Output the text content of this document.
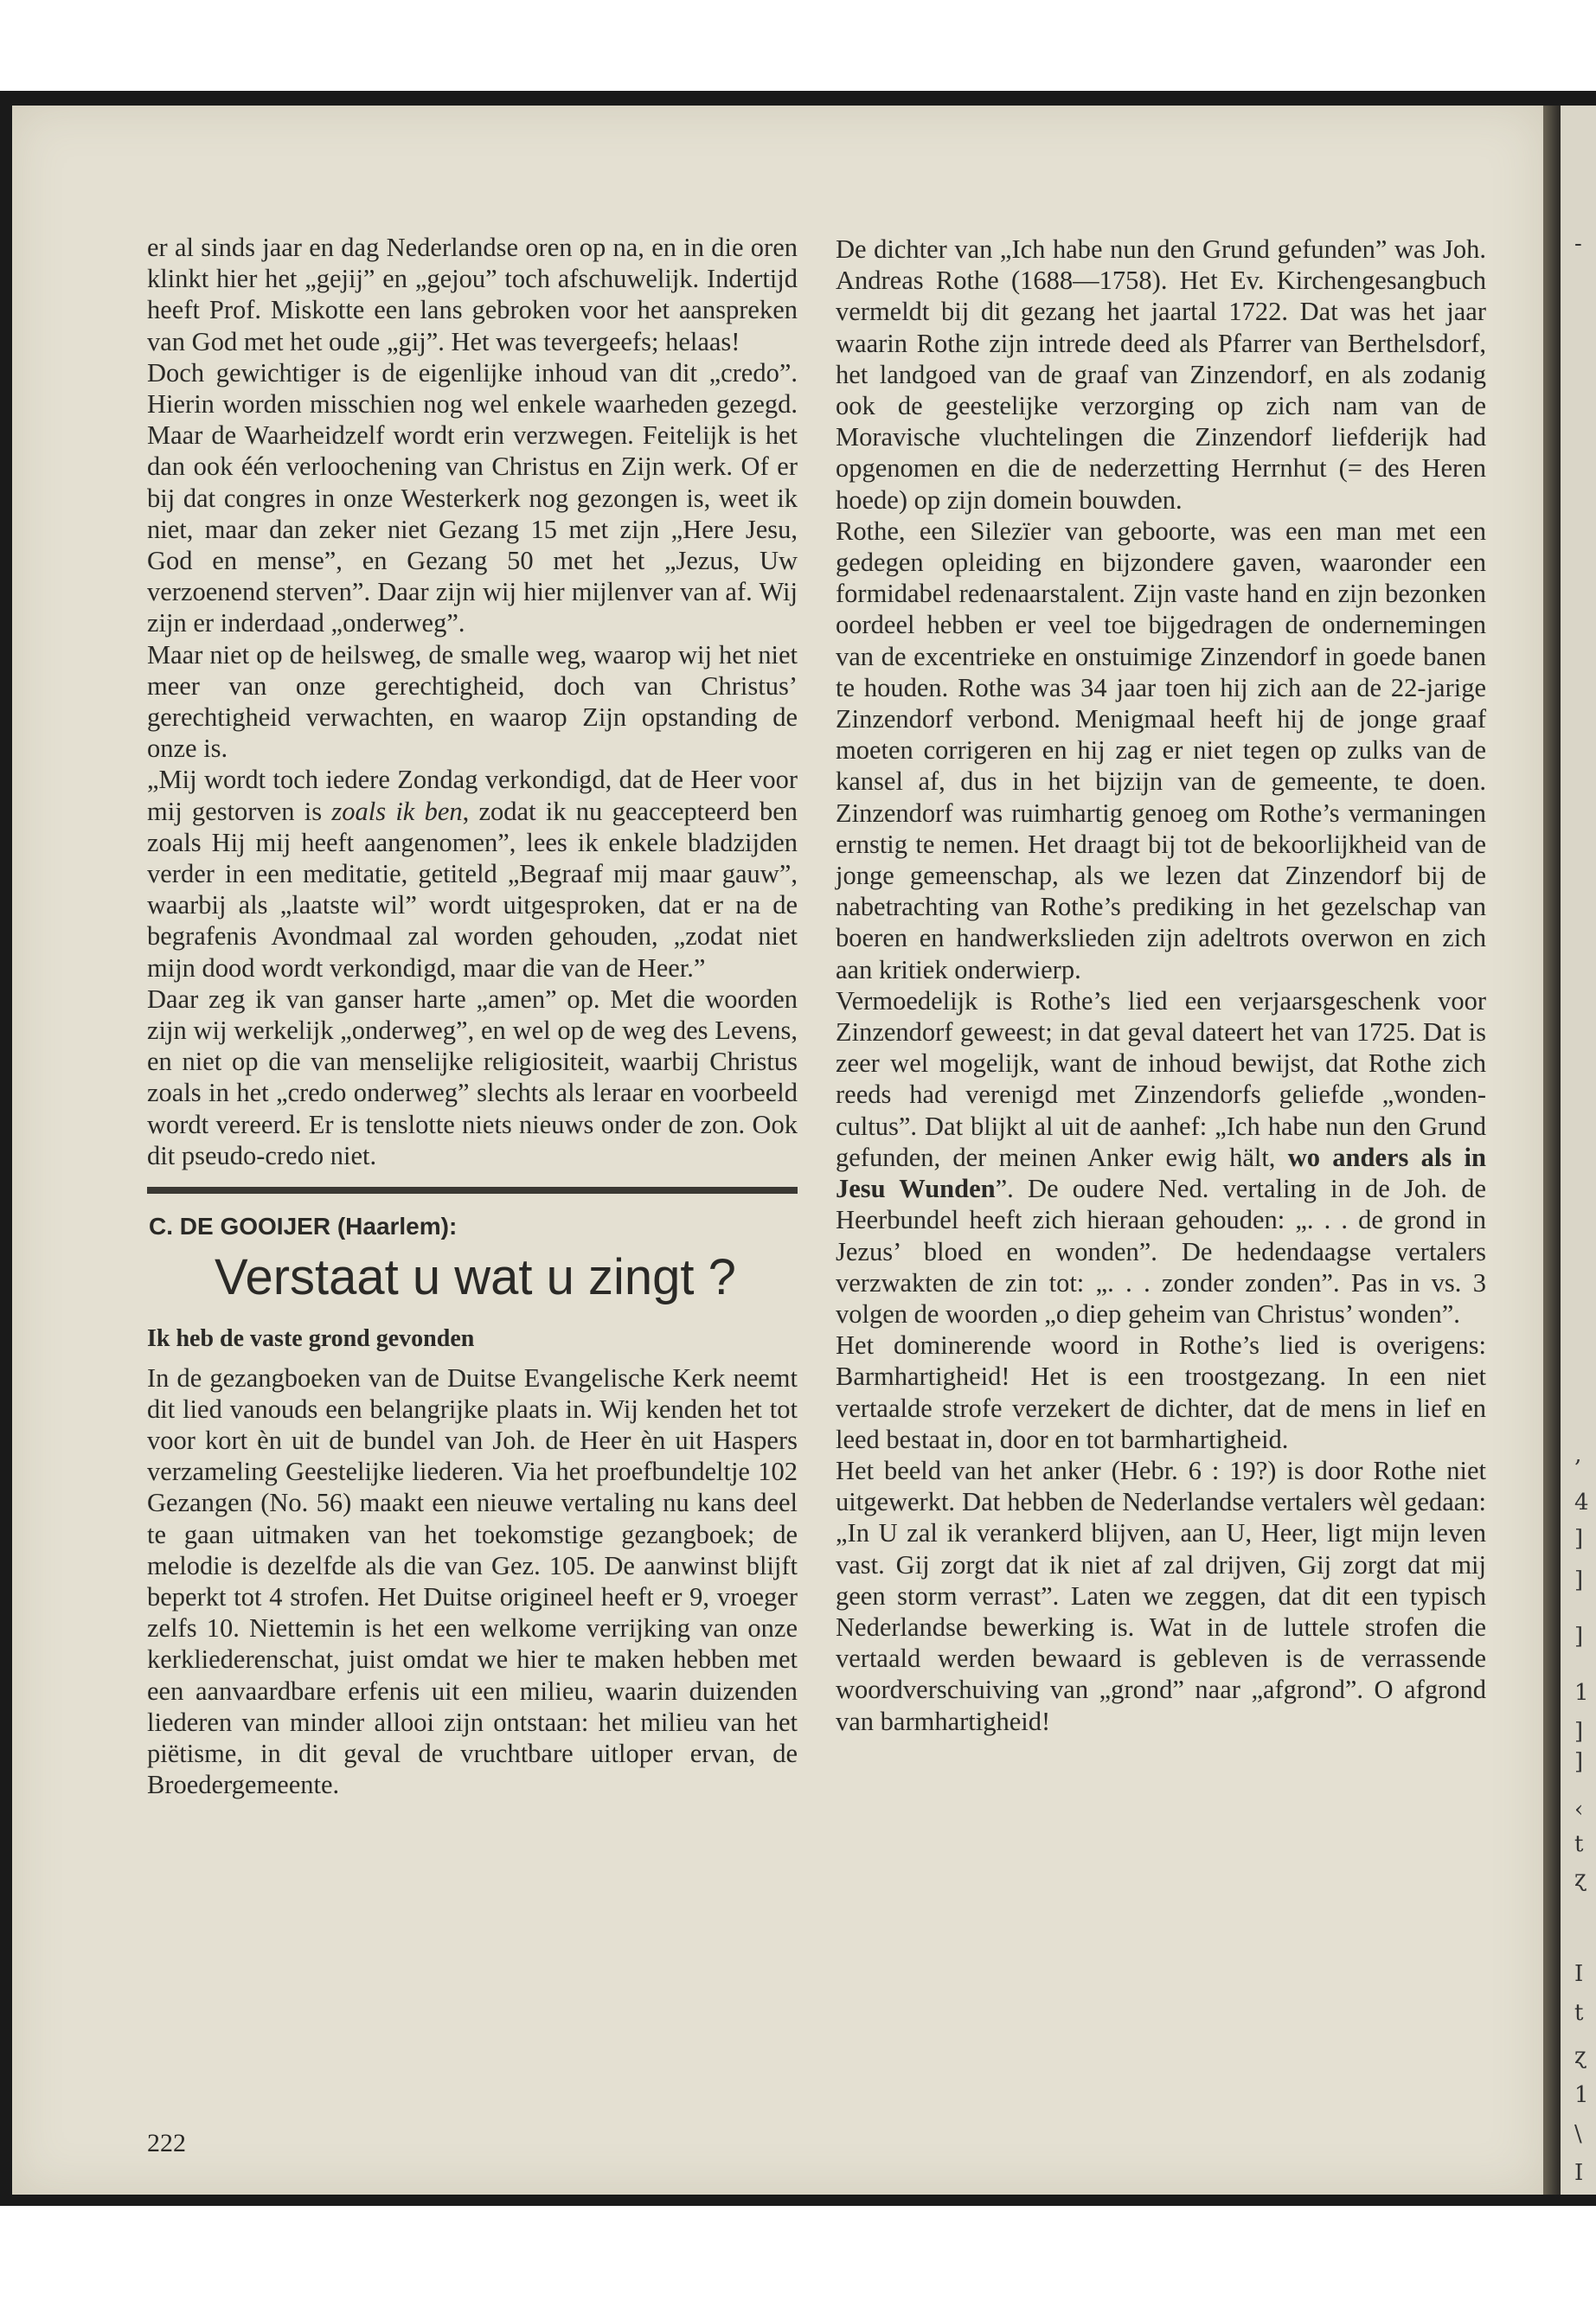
-
‚
4
]
]
]
1
]
]
‹
t
ɀ
I
t
ɀ
1
\
I

er al sinds jaar en dag Nederlandse oren op na, en in die oren klinkt hier het „gejij” en „gejou” toch afschuwelijk. Indertijd heeft Prof. Miskotte een lans gebroken voor het aanspreken van God met het oude „gij”. Het was tevergeefs; helaas!

Doch gewichtiger is de eigenlijke inhoud van dit „credo”. Hierin worden misschien nog wel enkele waarheden gezegd. Maar de Waarheidzelf wordt erin verzwegen. Feitelijk is het dan ook één verloochening van Christus en Zijn werk. Of er bij dat congres in onze Westerkerk nog gezongen is, weet ik niet, maar dan zeker niet Gezang 15 met zijn „Here Jesu, God en mense”, en Gezang 50 met het „Jezus, Uw verzoenend sterven”. Daar zijn wij hier mijlenver van af. Wij zijn er inderdaad „onderweg”.

Maar niet op de heilsweg, de smalle weg, waarop wij het niet meer van onze gerechtigheid, doch van Christus’ gerechtigheid verwachten, en waarop Zijn opstanding de onze is.

„Mij wordt toch iedere Zondag verkondigd, dat de Heer voor mij gestorven is zoals ik ben, zodat ik nu geaccepteerd ben zoals Hij mij heeft aangenomen”, lees ik enkele bladzijden verder in een meditatie, getiteld „Begraaf mij maar gauw”, waarbij als „laatste wil” wordt uitgesproken, dat er na de begrafenis Avondmaal zal worden gehouden, „zodat niet mijn dood wordt verkondigd, maar die van de Heer.”

Daar zeg ik van ganser harte „amen” op. Met die woorden zijn wij werkelijk „onderweg”, en wel op de weg des Levens, en niet op die van menselijke religiositeit, waarbij Christus zoals in het „credo onderweg” slechts als leraar en voorbeeld wordt vereerd. Er is tenslotte niets nieuws onder de zon. Ook dit pseudo-credo niet.

C. DE GOOIJER (Haarlem):
Verstaat u wat u zingt ?
Ik heb de vaste grond gevonden

In de gezangboeken van de Duitse Evangelische Kerk neemt dit lied vanouds een belangrijke plaats in. Wij kenden het tot voor kort èn uit de bundel van Joh. de Heer èn uit Haspers verzameling Geestelijke liederen. Via het proefbundeltje 102 Gezangen (No. 56) maakt een nieuwe vertaling nu kans deel te gaan uitmaken van het toekomstige gezangboek; de melodie is dezelfde als die van Gez. 105. De aanwinst blijft beperkt tot 4 strofen. Het Duitse origineel heeft er 9, vroeger zelfs 10. Niettemin is het een welkome verrijking van onze kerkliederenschat, juist omdat we hier te maken hebben met een aanvaardbare erfenis uit een milieu, waarin duizenden liederen van minder allooi zijn ontstaan: het milieu van het piëtisme, in dit geval de vruchtbare uitloper ervan, de Broedergemeente.

De dichter van „Ich habe nun den Grund gefunden” was Joh. Andreas Rothe (1688—1758). Het Ev. Kirchengesangbuch vermeldt bij dit gezang het jaartal 1722. Dat was het jaar waarin Rothe zijn intrede deed als Pfarrer van Berthelsdorf, het landgoed van de graaf van Zinzendorf, en als zodanig ook de geestelijke verzorging op zich nam van de Moravische vluchtelingen die Zinzendorf liefderijk had opgenomen en die de nederzetting Herrnhut (= des Heren hoede) op zijn domein bouwden.

Rothe, een Silezïer van geboorte, was een man met een gedegen opleiding en bijzondere gaven, waaronder een formidabel redenaarstalent. Zijn vaste hand en zijn bezonken oordeel hebben er veel toe bijgedragen de ondernemingen van de excentrieke en onstuimige Zinzendorf in goede banen te houden. Rothe was 34 jaar toen hij zich aan de 22-jarige Zinzendorf verbond. Menigmaal heeft hij de jonge graaf moeten corrigeren en hij zag er niet tegen op zulks van de kansel af, dus in het bijzijn van de gemeente, te doen. Zinzendorf was ruimhartig genoeg om Rothe’s vermaningen ernstig te nemen. Het draagt bij tot de bekoorlijkheid van de jonge gemeenschap, als we lezen dat Zinzendorf bij de nabetrachting van Rothe’s prediking in het gezelschap van boeren en handwerkslieden zijn adeltrots overwon en zich aan kritiek onderwierp.

Vermoedelijk is Rothe’s lied een verjaarsgeschenk voor Zinzendorf geweest; in dat geval dateert het van 1725. Dat is zeer wel mogelijk, want de inhoud bewijst, dat Rothe zich reeds had verenigd met Zinzendorfs geliefde „wonden-cultus”. Dat blijkt al uit de aanhef: „Ich habe nun den Grund gefunden, der meinen Anker ewig hält, wo anders als in Jesu Wunden”. De oudere Ned. vertaling in de Joh. de Heerbundel heeft zich hieraan gehouden: „. . . de grond in Jezus’ bloed en wonden”. De hedendaagse vertalers verzwakten de zin tot: „. . . zonder zonden”. Pas in vs. 3 volgen de woorden „o diep geheim van Christus’ wonden”.

Het dominerende woord in Rothe’s lied is overigens: Barmhartigheid! Het is een troostgezang. In een niet vertaalde strofe verzekert de dichter, dat de mens in lief en leed bestaat in, door en tot barmhartigheid.

Het beeld van het anker (Hebr. 6 : 19?) is door Rothe niet uitgewerkt. Dat hebben de Nederlandse vertalers wèl gedaan: „In U zal ik verankerd blijven, aan U, Heer, ligt mijn leven vast. Gij zorgt dat ik niet af zal drijven, Gij zorgt dat mij geen storm verrast”. Laten we zeggen, dat dit een typisch Nederlandse bewerking is. Wat in de luttele strofen die vertaald werden bewaard is gebleven is de verrassende woordverschuiving van „grond” naar „afgrond”. O afgrond van barmhartigheid!

222
